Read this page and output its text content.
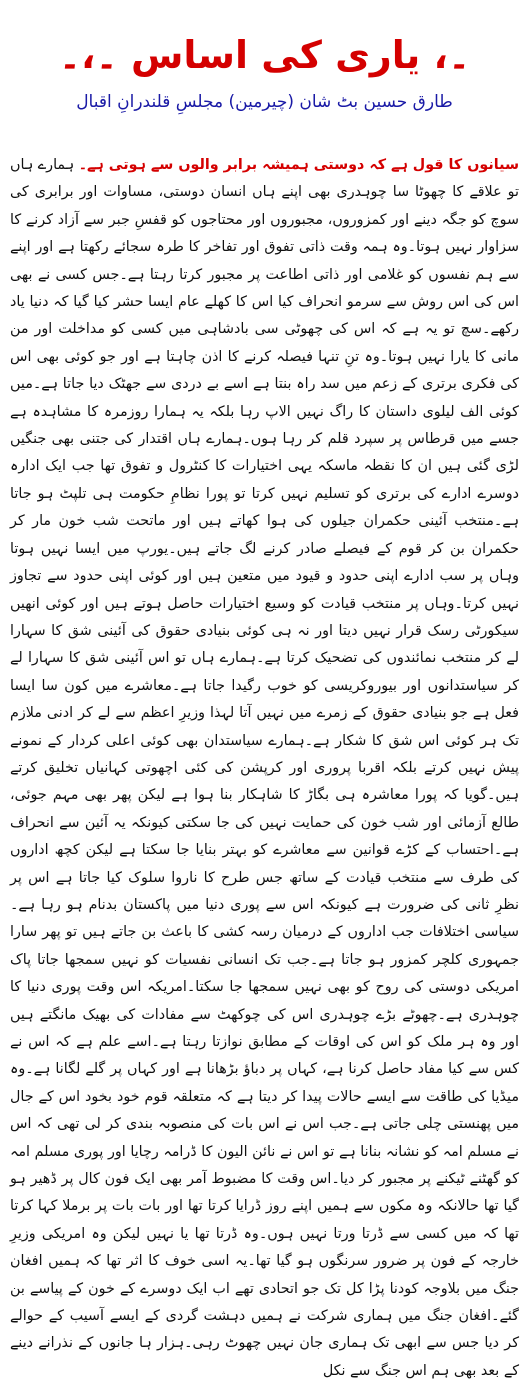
۔، یاری کی اساس ۔،۔
طارق حسین بٹ شان (چیرمین) مجلسِ قلندرانِ اقبال

سیانوں کا قول ہے کہ دوستی ہمیشہ برابر والوں سے ہوتی ہے۔ ہمارے ہاں تو علاقے کا چھوٹا سا چوہدری بھی اپنے ہاں انسان دوستی، مساوات اور برابری کی سوچ کو جگہ دینے اور کمزوروں، مجبوروں اور محتاجوں کو قفسِ جبر سے آزاد کرنے کا سزاوار نہیں ہوتا۔وہ ہمہ وقت ذاتی تفوق اور تفاخر کا طرہ سجائے رکھتا ہے اور اپنے سے ہم نفسوں کو غلامی اور ذاتی اطاعت پر مجبور کرتا رہتا ہے۔جس کسی نے بھی اس کی اس روش سے سرمو انحراف کیا اس کا کھلے عام ایسا حشر کیا گیا کہ دنیا یاد رکھے۔سچ تو یہ ہے کہ اس کی چھوٹی سی بادشاہی میں کسی کو مداخلت اور من مانی کا یارا نہیں ہوتا۔وہ تنِ تنہا فیصلہ کرنے کا اذن چاہتا ہے اور جو کوئی بھی اس کی فکری برتری کے زعم میں سد راہ بنتا ہے اسے بے دردی سے جھٹک دیا جاتا ہے۔میں کوئی الف لیلوی داستان کا راگ نہیں الاپ رہا بلکہ یہ ہمارا روزمرہ کا مشاہدہ ہے جسے میں قرطاس پر سپرد قلم کر رہا ہوں۔ہمارے ہاں اقتدار کی جتنی بھی جنگیں لڑی گئی ہیں ان کا نقطہ ماسکہ یہی اختیارات کا کنٹرول و تفوق تھا جب ایک ادارہ دوسرے ادارے کی برتری کو تسلیم نہیں کرتا تو پورا نظامِ حکومت ہی تلپٹ ہو جاتا ہے۔منتخب آئینی حکمران جیلوں کی ہوا کھاتے ہیں اور ماتحت شب خون مار کر حکمران بن کر قوم کے فیصلے صادر کرنے لگ جاتے ہیں۔یورپ میں ایسا نہیں ہوتا وہاں پر سب ادارے اپنی حدود و قیود میں متعین ہیں اور کوئی اپنی حدود سے تجاوز نہیں کرتا۔وہاں پر منتخب قیادت کو وسیع اختیارات حاصل ہوتے ہیں اور کوئی انھیں سیکورٹی رسک قرار نہیں دیتا اور نہ ہی کوئی بنیادی حقوق کی آئینی شق کا سہارا لے کر منتخب نمائندوں کی تضحیک کرتا ہے۔ہمارے ہاں تو اس آئینی شق کا سہارا لے کر سیاستدانوں اور بیوروکریسی کو خوب رگیدا جاتا ہے۔معاشرے میں کون سا ایسا فعل ہے جو بنیادی حقوق کے زمرے میں نہیں آتا لہذا وزیرِ اعظم سے لے کر ادنی ملازم تک ہر کوئی اس شق کا شکار ہے۔ہمارے سیاستدان بھی کوئی اعلی کردار کے نمونے پیش نہیں کرتے بلکہ اقربا پروری اور کرپشن کی کئی اچھوتی کہانیاں تخلیق کرتے ہیں۔گویا کہ پورا معاشرہ ہی بگاڑ کا شاہکار بنا ہوا ہے لیکن پھر بھی مہم جوئی، طالع آزمائی اور شب خون کی حمایت نہیں کی جا سکتی کیونکہ یہ آئین سے انحراف ہے۔احتساب کے کڑے قوانین سے معاشرے کو بہتر بنایا جا سکتا ہے لیکن کچھ اداروں کی طرف سے منتخب قیادت کے ساتھ جس طرح کا ناروا سلوک کیا جاتا ہے اس پر نظرِ ثانی کی ضرورت ہے کیونکہ اس سے پوری دنیا میں پاکستان بدنام ہو رہا ہے۔سیاسی اختلافات جب اداروں کے درمیان رسہ کشی کا باعث بن جاتے ہیں تو پھر سارا جمہوری کلچر کمزور ہو جاتا ہے۔جب تک انسانی نفسیات کو نہیں سمجھا جاتا پاک امریکی دوستی کی روح کو بھی نہیں سمجھا جا سکتا۔امریکہ اس وقت پوری دنیا کا چوہدری ہے۔چھوٹے بڑے چوہدری اس کی چوکھٹ سے مفادات کی بھیک مانگتے ہیں اور وہ ہر ملک کو اس کی اوقات کے مطابق نوازتا رہتا ہے۔اسے علم ہے کہ اس نے کس سے کیا مفاد حاصل کرنا ہے، کہاں پر دباؤ بڑھانا ہے اور کہاں پر گلے لگانا ہے۔وہ میڈیا کی طاقت سے ایسے حالات پیدا کر دیتا ہے کہ متعلقہ قوم خود بخود اس کے جال میں پھنستی چلی جاتی ہے۔جب اس نے اس بات کی منصوبہ بندی کر لی تھی کہ اس نے مسلم امہ کو نشانہ بنانا ہے تو اس نے نائن الیون کا ڈرامہ رچایا اور پوری مسلم امہ کو گھٹنے ٹیکنے پر مجبور کر دیا۔اس وقت کا مضبوط آمر بھی ایک فون کال پر ڈھیر ہو گیا تھا حالانکہ وہ مکوں سے ہمیں اپنے روز ڈرایا کرتا تھا اور بات بات پر برملا کہا کرتا تھا کہ میں کسی سے ڈرتا ورتا نہیں ہوں۔وہ ڈرتا تھا یا نہیں لیکن وہ امریکی وزیرِ خارجہ کے فون پر ضرور سرنگوں ہو گیا تھا۔یہ اسی خوف کا اثر تھا کہ ہمیں افغان جنگ میں بلاوجہ کودنا پڑا کل تک جو اتحادی تھے اب ایک دوسرے کے خون کے پیاسے بن گئے۔افغان جنگ میں ہماری شرکت نے ہمیں دہشت گردی کے ایسے آسیب کے حوالے کر دیا جس سے ابھی تک ہماری جان نہیں چھوٹ رہی۔ہزار ہا جانوں کے نذرانے دینے کے بعد بھی ہم اس جنگ سے نکل
